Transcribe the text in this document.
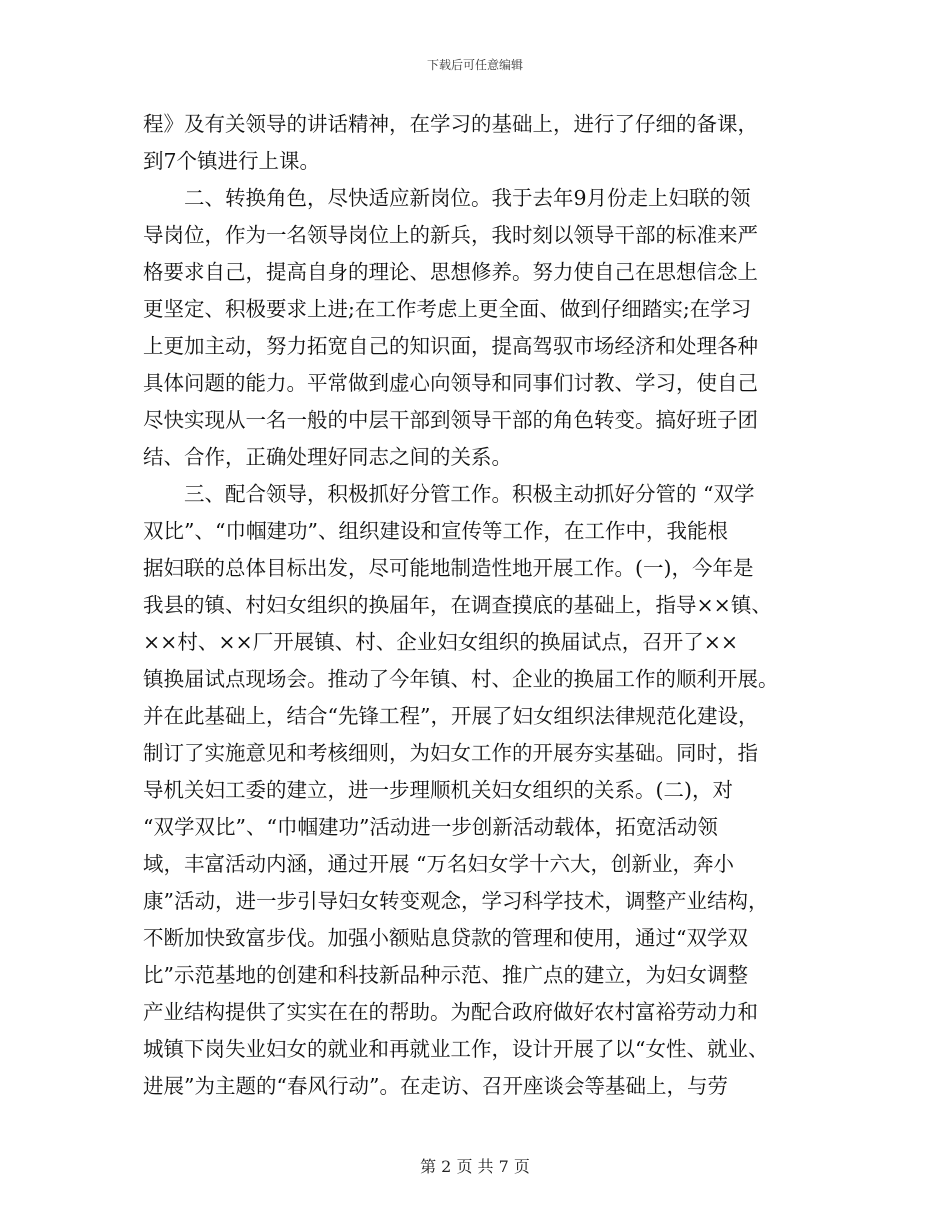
下载后可任意编辑
程》及有关领导的讲话精神，在学习的基础上，进行了仔细的备课，
到7个镇进行上课。
　　二、转换角色，尽快适应新岗位。我于去年9月份走上妇联的领
导岗位，作为一名领导岗位上的新兵，我时刻以领导干部的标准来严
格要求自己，提高自身的理论、思想修养。努力使自己在思想信念上
更坚定、积极要求上进;在工作考虑上更全面、做到仔细踏实;在学习
上更加主动，努力拓宽自己的知识面，提高驾驭市场经济和处理各种
具体问题的能力。平常做到虚心向领导和同事们讨教、学习，使自己
尽快实现从一名一般的中层干部到领导干部的角色转变。搞好班子团
结、合作，正确处理好同志之间的关系。
　　三、配合领导，积极抓好分管工作。积极主动抓好分管的 “双学
双比”、“巾帼建功”、组织建设和宣传等工作，在工作中，我能根
据妇联的总体目标出发，尽可能地制造性地开展工作。(一)，今年是
我县的镇、村妇女组织的换届年，在调查摸底的基础上，指导××镇、
××村、××厂开展镇、村、企业妇女组织的换届试点，召开了××
镇换届试点现场会。推动了今年镇、村、企业的换届工作的顺利开展。
并在此基础上，结合“先锋工程”，开展了妇女组织法律规范化建设，
制订了实施意见和考核细则，为妇女工作的开展夯实基础。同时，指
导机关妇工委的建立，进一步理顺机关妇女组织的关系。(二)，对
“双学双比”、“巾帼建功”活动进一步创新活动载体，拓宽活动领
域，丰富活动内涵，通过开展 “万名妇女学十六大，创新业，奔小
康”活动，进一步引导妇女转变观念，学习科学技术，调整产业结构，
不断加快致富步伐。加强小额贴息贷款的管理和使用，通过“双学双
比”示范基地的创建和科技新品种示范、推广点的建立，为妇女调整
产业结构提供了实实在在的帮助。为配合政府做好农村富裕劳动力和
城镇下岗失业妇女的就业和再就业工作，设计开展了以“女性、就业、
进展”为主题的“春风行动”。在走访、召开座谈会等基础上，与劳
第 2 页 共 7 页
